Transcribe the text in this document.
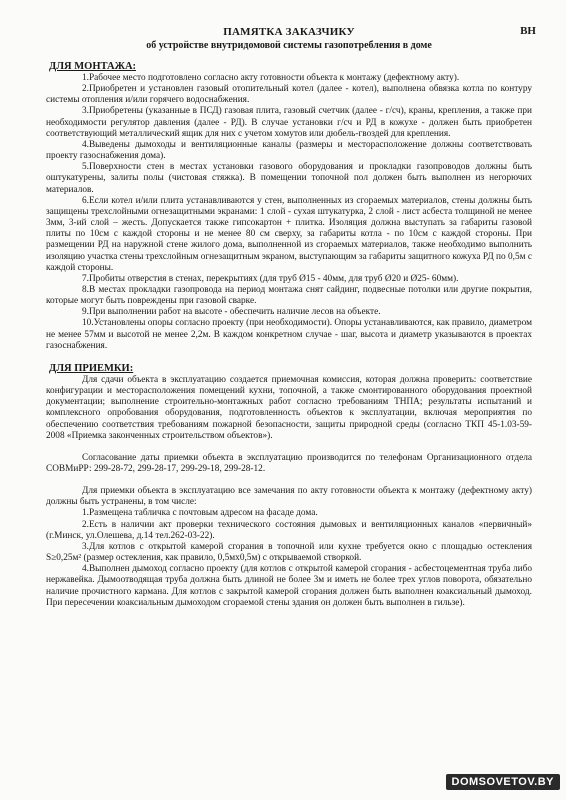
ВН
ПАМЯТКА ЗАКАЗЧИКУ
об устройстве внутридомовой системы газопотребления в доме
ДЛЯ МОНТАЖА:

1.Рабочее место подготовлено согласно акту готовности объекта к монтажу (дефектному акту).

2.Приобретен и установлен газовый отопительный котел (далее - котел), выполнена обвязка котла по контуру системы отопления и/или горячего водоснабжения.

3.Приобретены (указанные в ПСД) газовая плита, газовый счетчик (далее - г/сч), краны, крепления, а также при необходимости регулятор давления (далее - РД). В случае установки г/сч и РД в кожухе - должен быть приобретен соответствующий металлический ящик для них с учетом хомутов или дюбель-гвоздей для крепления.

4.Выведены дымоходы и вентиляционные каналы (размеры и месторасположение должны соответствовать проекту газоснабжения дома).

5.Поверхности стен в местах установки газового оборудования и прокладки газопроводов должны быть оштукатурены, залиты полы (чистовая стяжка). В помещении топочной пол должен быть выполнен из негорючих материалов.

6.Если котел и/или плита устанавливаются у стен, выполненных из сгораемых материалов, стены должны быть защищены трехслойными огнезащитными экранами: 1 слой - сухая штукатурка, 2 слой - лист асбеста толщиной не менее 3мм, 3-ий слой – жесть. Допускается также гипсокартон + плитка. Изоляция должна выступать за габариты газовой плиты по 10см с каждой стороны и не менее 80 см сверху, за габариты котла - по 10см с каждой стороны. При размещении РД на наружной стене жилого дома, выполненной из сгораемых материалов, также необходимо выполнить изоляцию участка стены трехслойным огнезащитным экраном, выступающим за габариты защитного кожуха РД по 0,5м с каждой стороны.

7.Пробиты отверстия в стенах, перекрытиях (для труб Ø15 - 40мм, для труб Ø20 и Ø25- 60мм).

8.В местах прокладки газопровода на период монтажа снят сайдинг, подвесные потолки или другие покрытия, которые могут быть повреждены при газовой сварке.

9.При выполнении работ на высоте - обеспечить наличие лесов на объекте.

10.Установлены опоры согласно проекту (при необходимости). Опоры устанавливаются, как правило, диаметром не менее 57мм и высотой не менее 2,2м. В каждом конкретном случае - шаг, высота и диаметр указываются в проектах газоснабжения.

ДЛЯ ПРИЕМКИ:

Для сдачи объекта в эксплуатацию создается приемочная комиссия, которая должна проверить: соответствие конфигурации и месторасположения помещений кухни, топочной, а также смонтированного оборудования проектной документации; выполнение строительно-монтажных работ согласно требованиям ТНПА; результаты испытаний и комплексного опробования оборудования, подготовленность объектов к эксплуатации, включая мероприятия по обеспечению соответствия требованиям пожарной безопасности, защиты природной среды (согласно ТКП 45-1.03-59-2008 «Приемка законченных строительством объектов»).

Согласование даты приемки объекта в эксплуатацию производится по телефонам Организационного отдела СОВМиРР: 299-28-72, 299-28-17, 299-29-18, 299-28-12.

Для приемки объекта в эксплуатацию все замечания по акту готовности объекта к монтажу (дефектному акту) должны быть устранены, в том числе:

1.Размещена табличка с почтовым адресом на фасаде дома.

2.Есть в наличии акт проверки технического состояния дымовых и вентиляционных каналов «первичный» (г.Минск, ул.Олешева, д.14 тел.262-03-22).

3.Для котлов с открытой камерой сгорания в топочной или кухне требуется окно с площадью остекления S≥0,25м² (размер остекления, как правило, 0,5мх0,5м) с открываемой створкой.

4.Выполнен дымоход согласно проекту (для котлов с открытой камерой сгорания - асбестоцементная труба либо нержавейка. Дымоотводящая труба должна быть длиной не более 3м и иметь не более трех углов поворота, обязательно наличие прочистного кармана. Для котлов с закрытой камерой сгорания должен быть выполнен коаксиальный дымоход. При пересечении коаксиальным дымоходом сгораемой стены здания он должен быть выполнен в гильзе).

DOMSOVETOV.BY
